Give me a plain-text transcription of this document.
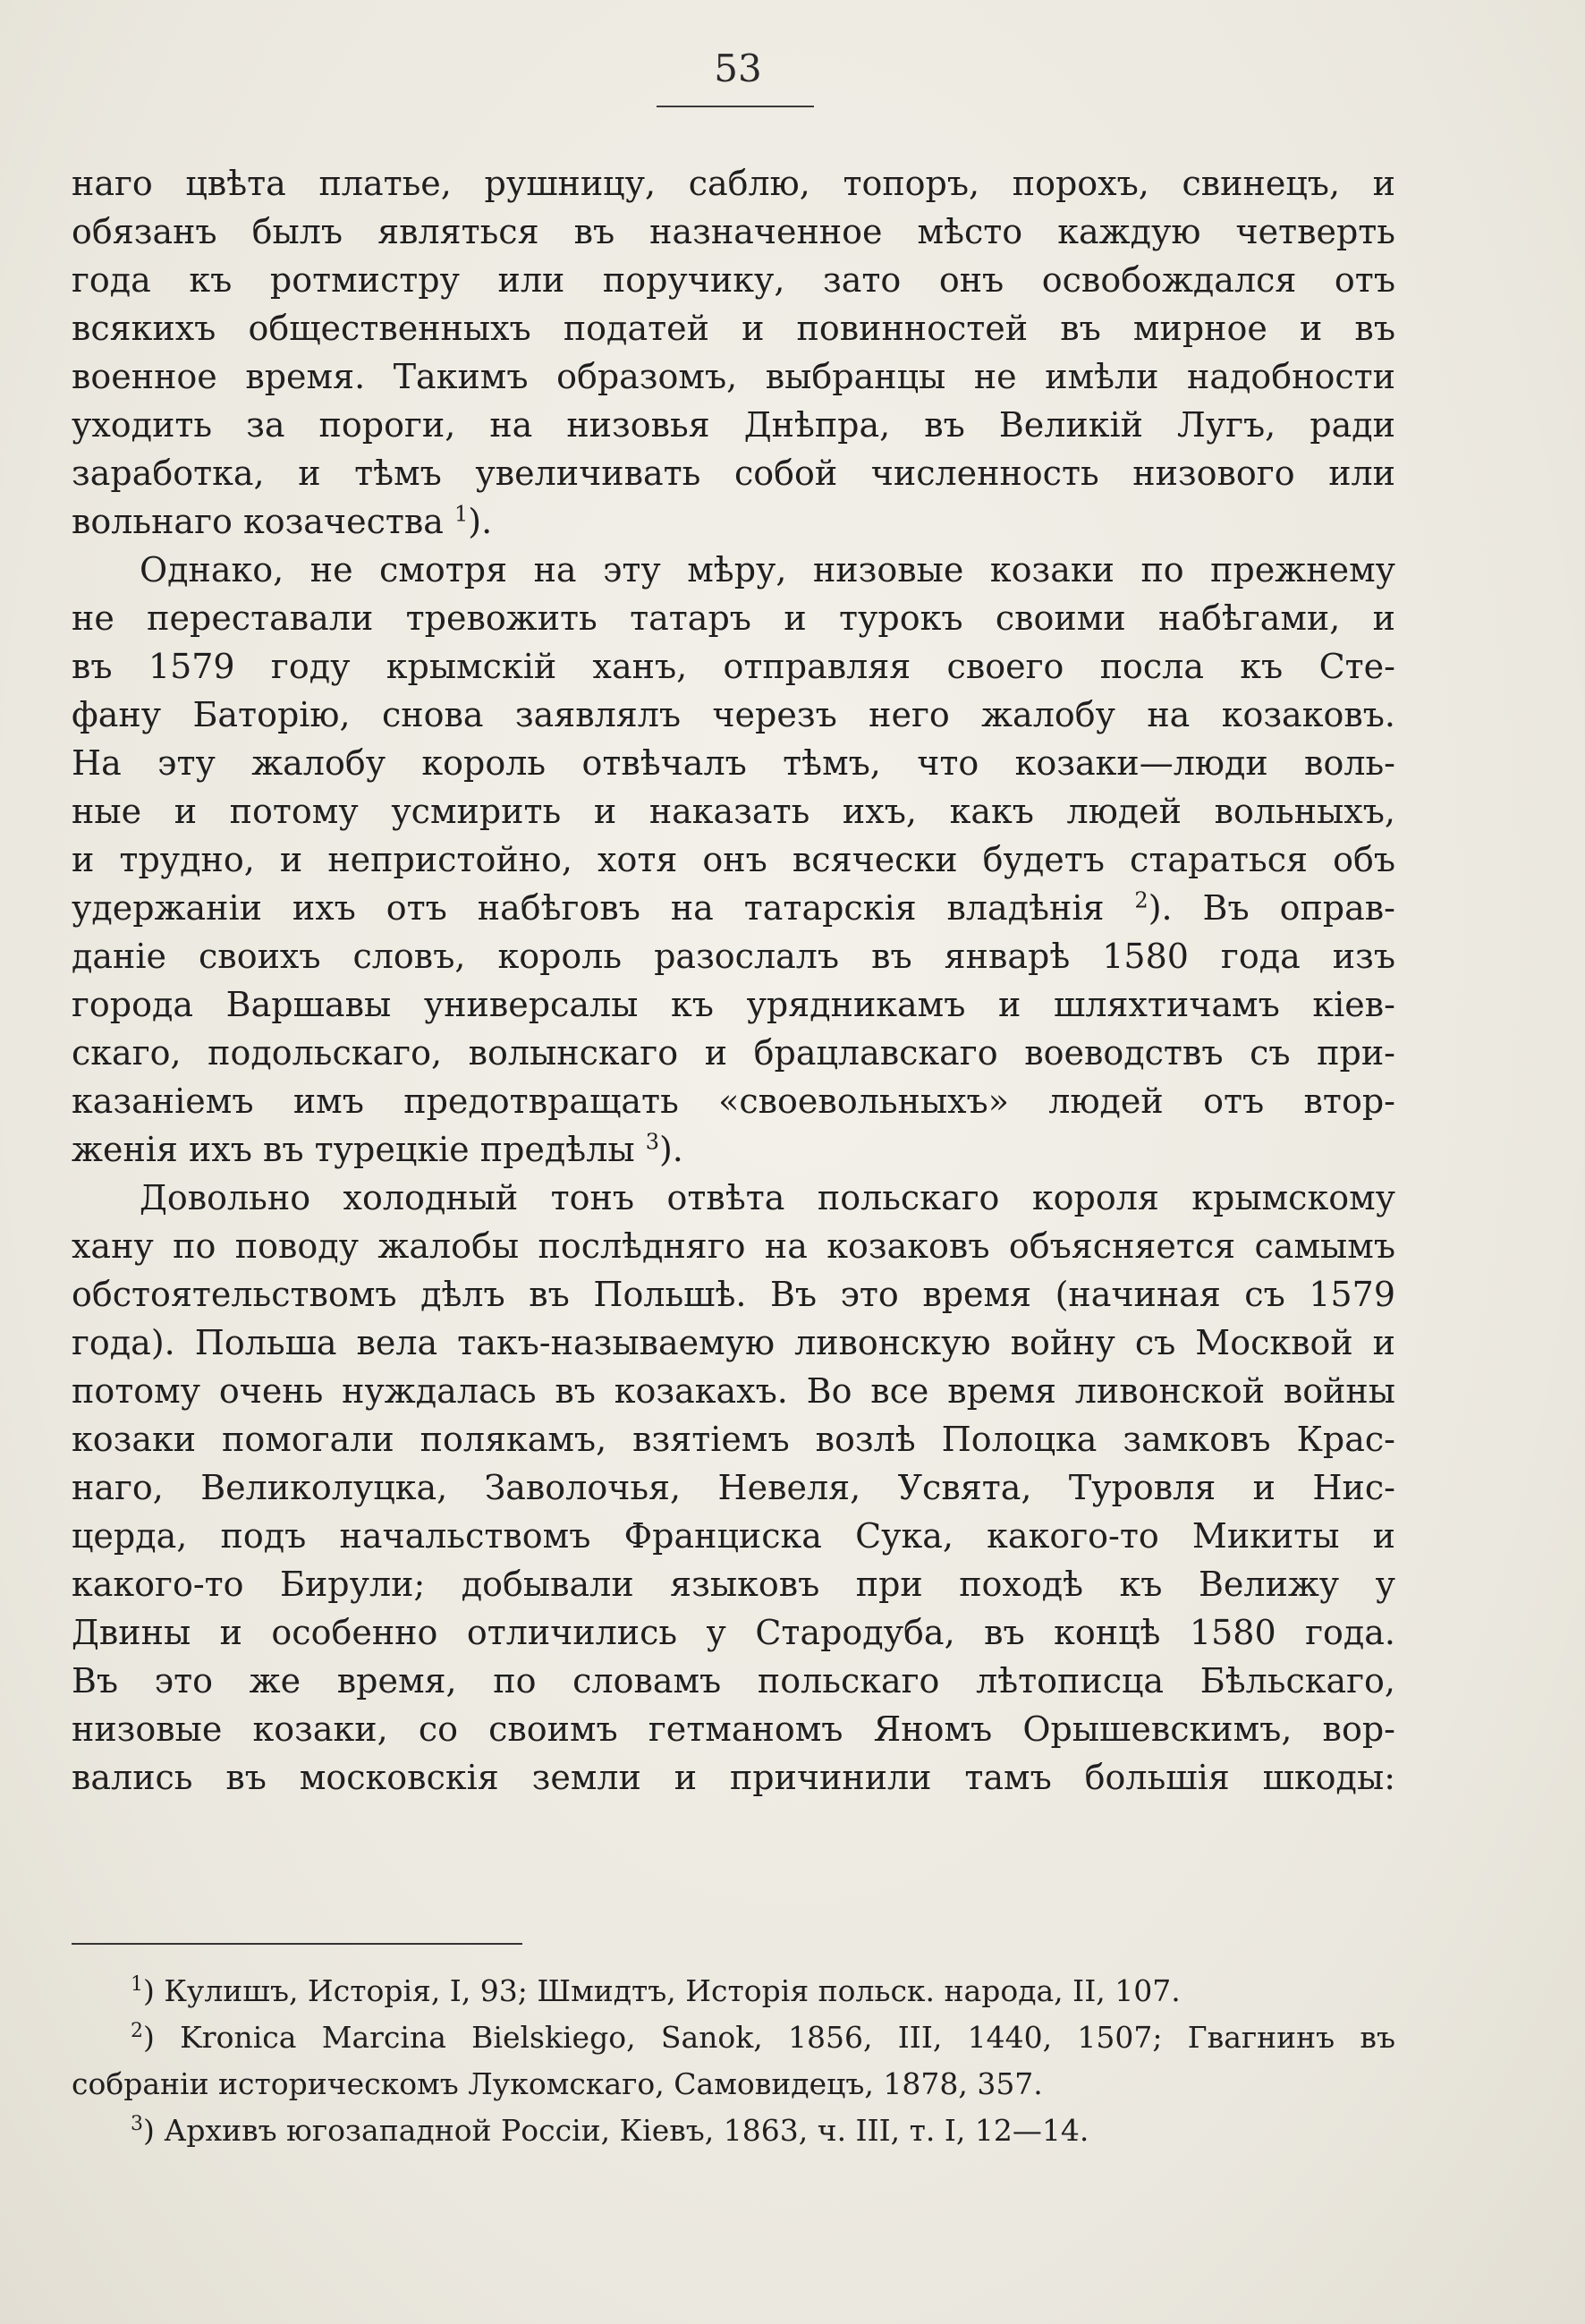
53
наго цвѣта платье, рушницу, саблю, топоръ, порохъ, свинецъ, и
обязанъ былъ являться въ назначенное мѣсто каждую четверть
года къ ротмистру или поручику, зато онъ освобождался отъ
всякихъ общественныхъ податей и повинностей въ мирное и въ
военное время. Такимъ образомъ, выбранцы не имѣли надобности
уходить за пороги, на низовья Днѣпра, въ Великій Лугъ, ради
заработка, и тѣмъ увеличивать собой численность низового или
вольнаго козачества $^1$).
Однако, не смотря на эту мѣру, низовые козаки по прежнему
не переставали тревожить татаръ и турокъ своими набѣгами, и
въ 1579 году крымскій ханъ, отправляя своего посла къ Сте-
фану Баторію, снова заявлялъ черезъ него жалобу на козаковъ.
На эту жалобу король отвѣчалъ тѣмъ, что козаки—люди воль-
ные и потому усмирить и наказать ихъ, какъ людей вольныхъ,
и трудно, и непристойно, хотя онъ всячески будетъ стараться объ
удержаніи ихъ отъ набѣговъ на татарскія владѣнія $^2$). Въ оправ-
даніе своихъ словъ, король разослалъ въ январѣ 1580 года изъ
города Варшавы универсалы къ урядникамъ и шляхтичамъ кіев-
скаго, подольскаго, волынскаго и брацлавскаго воеводствъ съ при-
казаніемъ имъ предотвращать «своевольныхъ» людей отъ втор-
женія ихъ въ турецкіе предѣлы $^3$).
Довольно холодный тонъ отвѣта польскаго короля крымскому
хану по поводу жалобы послѣдняго на козаковъ объясняется самымъ
обстоятельствомъ дѣлъ въ Польшѣ. Въ это время (начиная съ 1579
года). Польша вела такъ-называемую ливонскую войну съ Москвой и
потому очень нуждалась въ козакахъ. Во все время ливонской войны
козаки помогали полякамъ, взятіемъ возлѣ Полоцка замковъ Крас-
наго, Великолуцка, Заволочья, Невеля, Усвята, Туровля и Нис-
церда, подъ начальствомъ Франциска Сука, какого-то Микиты и
какого-то Бирули; добывали языковъ при походѣ къ Велижу у
Двины и особенно отличились у Стародуба, въ концѣ 1580 года.
Въ это же время, по словамъ польскаго лѣтописца Бѣльскаго,
низовые козаки, со своимъ гетманомъ Яномъ Орышевскимъ, вор-
вались въ московскія земли и причинили тамъ большія шкоды:
$^1$) Кулишъ, Исторія, I, 93; Шмидтъ, Исторія польск. народа, II, 107.
$^2$) Kronica Marcina Bielskiego, Sanok, 1856, III, 1440, 1507; Гвагнинъ въ
собраніи историческомъ Лукомскаго, Самовидецъ, 1878, 357.
$^3$) Архивъ югозападной Россіи, Кіевъ, 1863, ч. III, т. I, 12—14.
